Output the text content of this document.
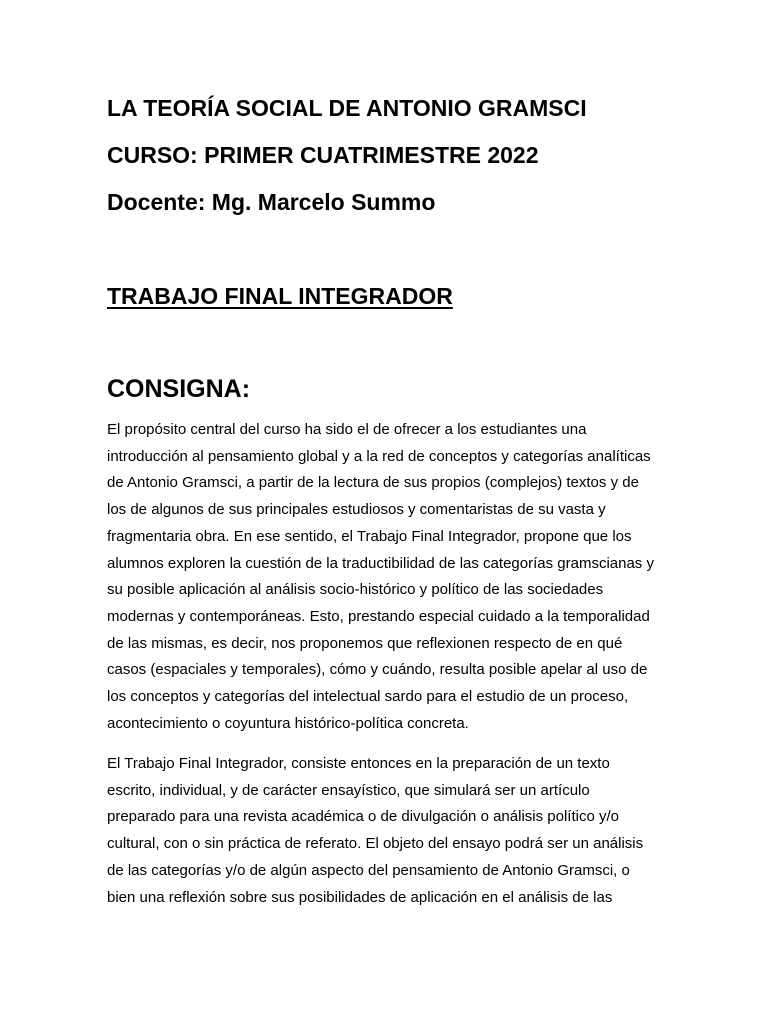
LA TEORÍA SOCIAL DE ANTONIO GRAMSCI
CURSO: PRIMER CUATRIMESTRE 2022
Docente: Mg. Marcelo Summo
TRABAJO FINAL INTEGRADOR
CONSIGNA:

El propósito central del curso ha sido el de ofrecer a los estudiantes una
introducción al pensamiento global y a la red de conceptos y categorías analíticas
de Antonio Gramsci, a partir de la lectura de sus propios (complejos) textos y de
los de algunos de sus principales estudiosos y comentaristas de su vasta y
fragmentaria obra. En ese sentido, el Trabajo Final Integrador, propone que los
alumnos exploren la cuestión de la traductibilidad de las categorías gramscianas y
su posible aplicación al análisis socio-histórico y político de las sociedades
modernas y contemporáneas. Esto, prestando especial cuidado a la temporalidad
de las mismas, es decir, nos proponemos que reflexionen respecto de en qué
casos (espaciales y temporales), cómo y cuándo, resulta posible apelar al uso de
los conceptos y categorías del intelectual sardo para el estudio de un proceso,
acontecimiento o coyuntura histórico-política concreta.

El Trabajo Final Integrador, consiste entonces en la preparación de un texto
escrito, individual, y de carácter ensayístico, que simulará ser un artículo
preparado para una revista académica o de divulgación o análisis político y/o
cultural, con o sin práctica de referato. El objeto del ensayo podrá ser un análisis
de las categorías y/o de algún aspecto del pensamiento de Antonio Gramsci, o
bien una reflexión sobre sus posibilidades de aplicación en el análisis de las
